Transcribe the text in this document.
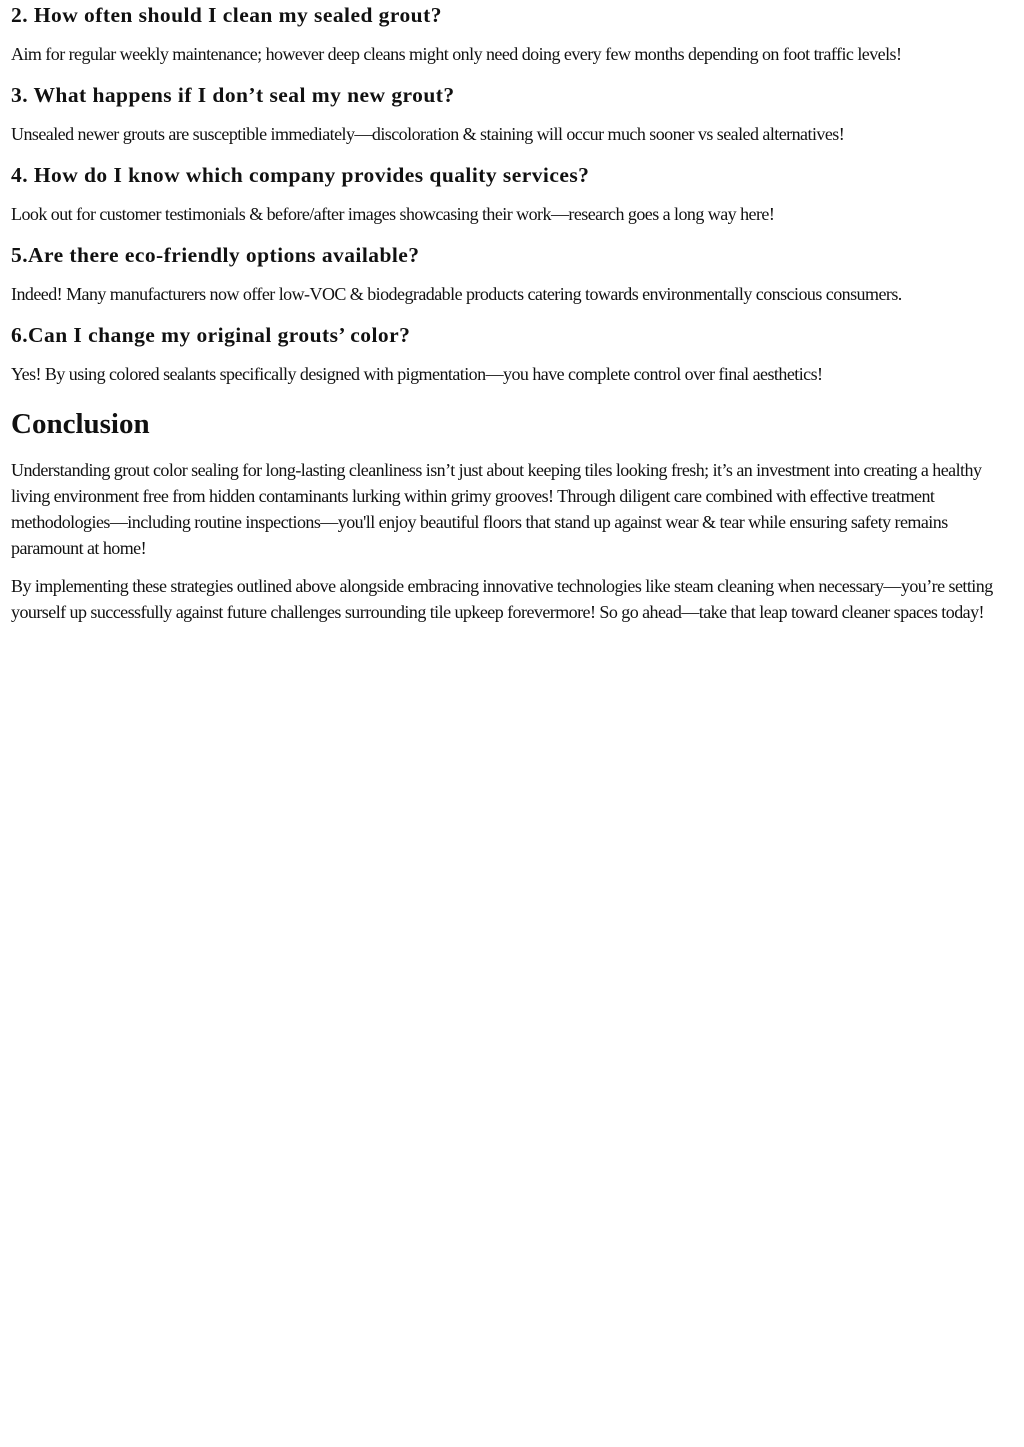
2. How often should I clean my sealed grout?

Aim for regular weekly maintenance; however deep cleans might only need doing every few months depending on foot traffic levels!

3. What happens if I don’t seal my new grout?

Unsealed newer grouts are susceptible immediately—discoloration & staining will occur much sooner vs sealed alternatives!

4. How do I know which company provides quality services?

Look out for customer testimonials & before/after images showcasing their work—research goes a long way here!

5.Are there eco-friendly options available?

Indeed! Many manufacturers now offer low-VOC & biodegradable products catering towards environmentally conscious consumers.

6.Can I change my original grouts’ color?

Yes! By using colored sealants specifically designed with pigmentation—you have complete control over final aesthetics!

Conclusion

Understanding grout color sealing for long-lasting cleanliness isn’t just about keeping tiles looking fresh; it’s an investment into creating a healthy living environment free from hidden contaminants lurking within grimy grooves! Through diligent care combined with effective treatment methodologies—including routine inspections—you'll enjoy beautiful floors that stand up against wear & tear while ensuring safety remains paramount at home!

By implementing these strategies outlined above alongside embracing innovative technologies like steam cleaning when necessary—you’re setting yourself up successfully against future challenges surrounding tile upkeep forevermore! So go ahead—take that leap toward cleaner spaces today!
